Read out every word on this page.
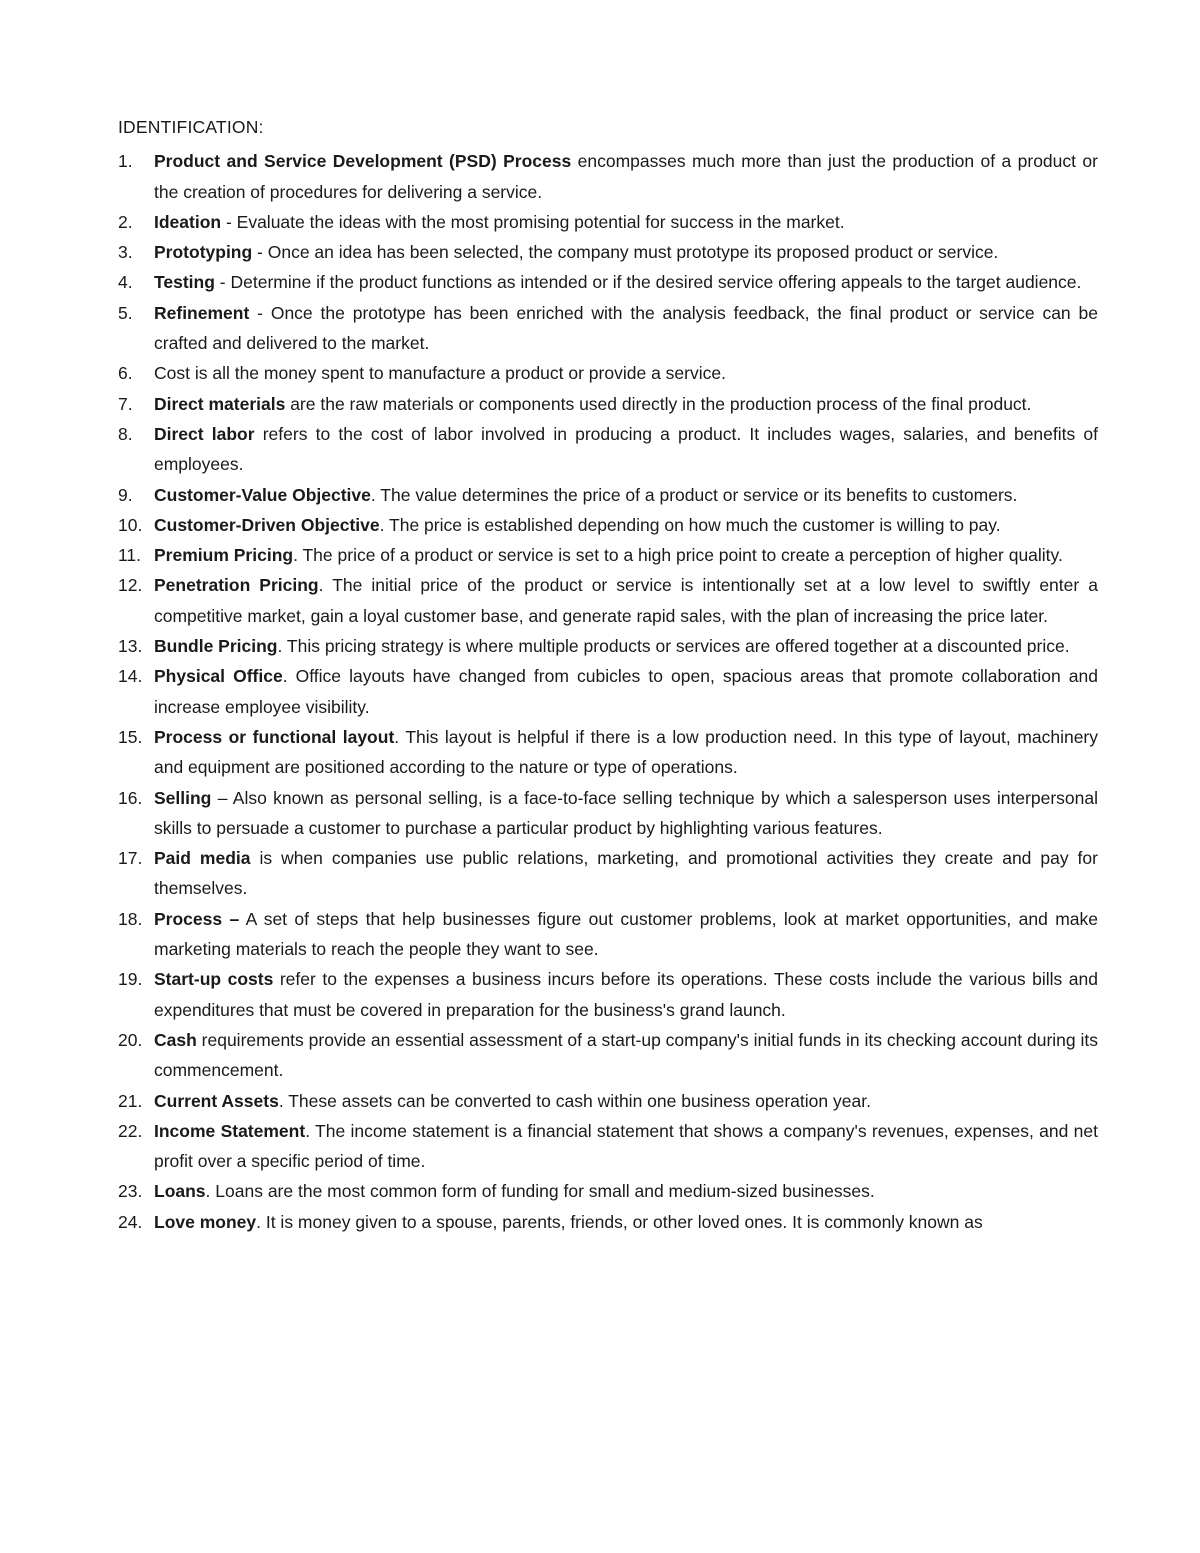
IDENTIFICATION:

1.	Product and Service Development (PSD) Process encompasses much more than just the production of a product or the creation of procedures for delivering a service.
2.	Ideation - Evaluate the ideas with the most promising potential for success in the market.
3.	Prototyping - Once an idea has been selected, the company must prototype its proposed product or service.
4.	Testing - Determine if the product functions as intended or if the desired service offering appeals to the target audience.
5.	Refinement - Once the prototype has been enriched with the analysis feedback, the final product or service can be crafted and delivered to the market.
6.	Cost is all the money spent to manufacture a product or provide a service.
7.	Direct materials are the raw materials or components used directly in the production process of the final product.
8.	Direct labor refers to the cost of labor involved in producing a product. It includes wages, salaries, and benefits of employees.
9.	Customer-Value Objective. The value determines the price of a product or service or its benefits to customers.
10. Customer-Driven Objective. The price is established depending on how much the customer is willing to pay.
11. Premium Pricing. The price of a product or service is set to a high price point to create a perception of higher quality.
12. Penetration Pricing. The initial price of the product or service is intentionally set at a low level to swiftly enter a competitive market, gain a loyal customer base, and generate rapid sales, with the plan of increasing the price later.
13. Bundle Pricing. This pricing strategy is where multiple products or services are offered together at a discounted price.
14. Physical Office. Office layouts have changed from cubicles to open, spacious areas that promote collaboration and increase employee visibility.
15. Process or functional layout. This layout is helpful if there is a low production need. In this type of layout, machinery and equipment are positioned according to the nature or type of operations.
16. Selling – Also known as personal selling, is a face-to-face selling technique by which a salesperson uses interpersonal skills to persuade a customer to purchase a particular product by highlighting various features.
17. Paid media is when companies use public relations, marketing, and promotional activities they create and pay for themselves.
18. Process – A set of steps that help businesses figure out customer problems, look at market opportunities, and make marketing materials to reach the people they want to see.
19. Start-up costs refer to the expenses a business incurs before its operations. These costs include the various bills and expenditures that must be covered in preparation for the business's grand launch.
20. Cash requirements provide an essential assessment of a start-up company's initial funds in its checking account during its commencement.
21. Current Assets. These assets can be converted to cash within one business operation year.
22. Income Statement. The income statement is a financial statement that shows a company's revenues, expenses, and net profit over a specific period of time.
23. Loans. Loans are the most common form of funding for small and medium-sized businesses.
24. Love money. It is money given to a spouse, parents, friends, or other loved ones. It is commonly known as
